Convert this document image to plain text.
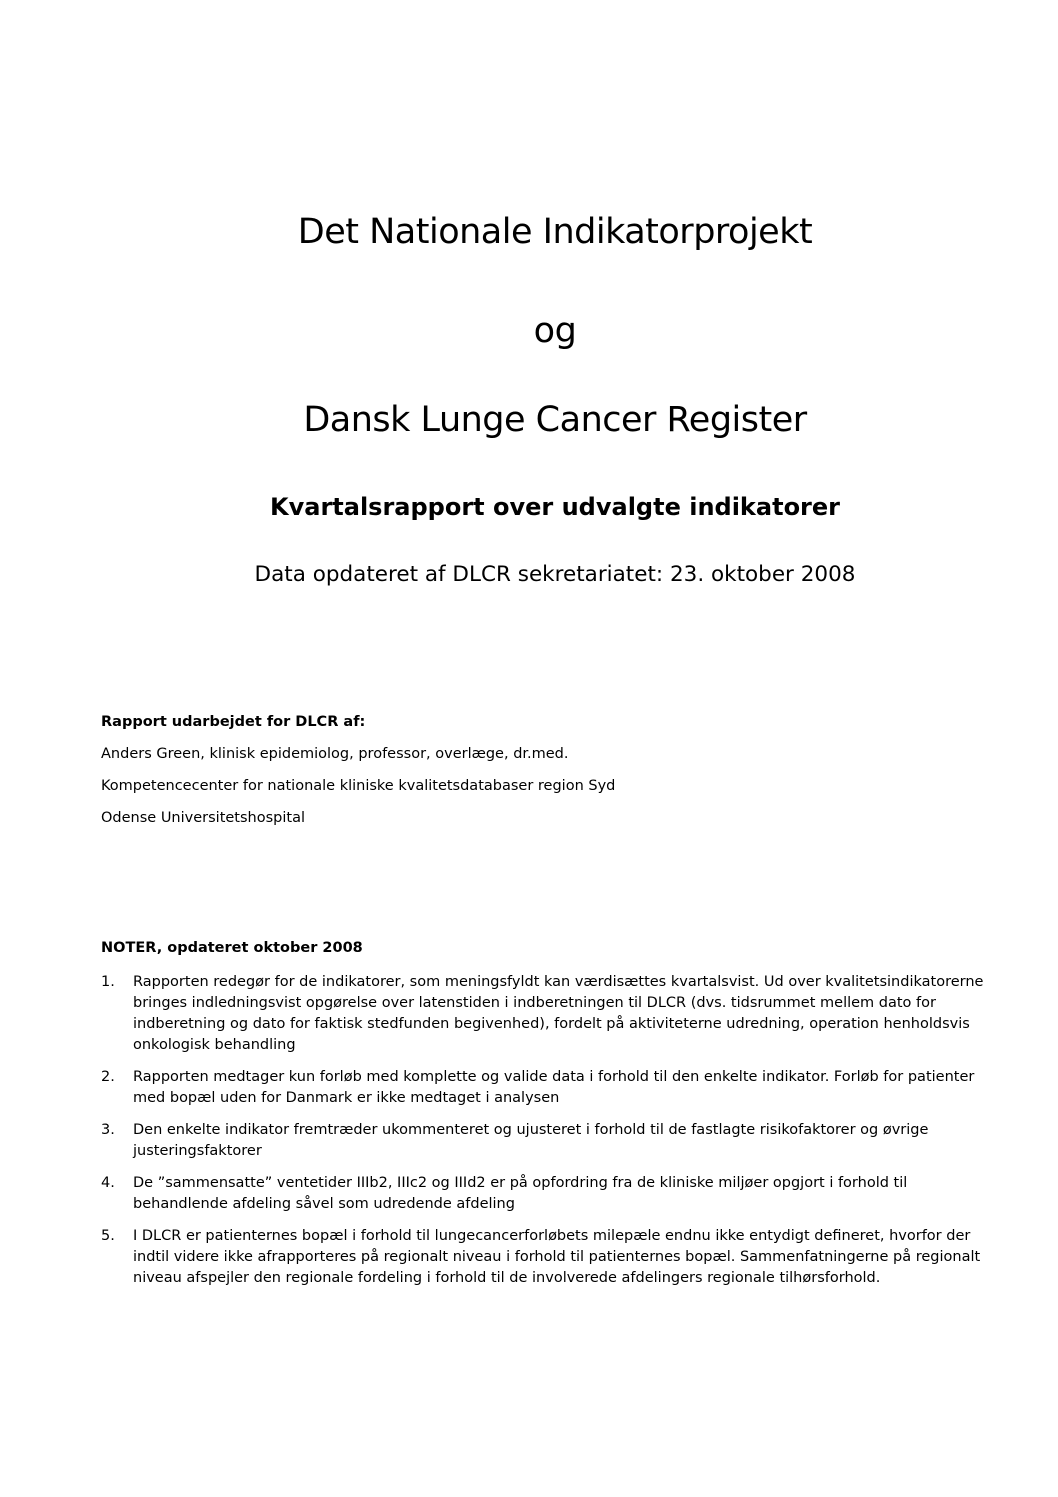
Det Nationale Indikatorprojekt
og
Dansk Lunge Cancer Register
Kvartalsrapport over udvalgte indikatorer
Data opdateret af DLCR sekretariatet: 23. oktober 2008
Rapport udarbejdet for DLCR af:
Anders Green, klinisk epidemiolog, professor, overlæge, dr.med.
Kompetencecenter for nationale kliniske kvalitetsdatabaser region Syd
Odense Universitetshospital
NOTER, opdateret oktober 2008
1. Rapporten redegør for de indikatorer, som meningsfyldt kan værdisættes kvartalsvist. Ud over kvalitetsindikatorerne bringes indledningsvist opgørelse over latenstiden i indberetningen til DLCR (dvs. tidsrummet mellem dato for indberetning og dato for faktisk stedfunden begivenhed), fordelt på aktiviteterne udredning, operation henholdsvis onkologisk behandling
2. Rapporten medtager kun forløb med komplette og valide data i forhold til den enkelte indikator. Forløb for patienter med bopæl uden for Danmark er ikke medtaget i analysen
3. Den enkelte indikator fremtræder ukommenteret og ujusteret i forhold til de fastlagte risikofaktorer og øvrige justeringsfaktorer
4. De ”sammensatte” ventetider IIIb2, IIIc2 og IIId2 er på opfordring fra de kliniske miljøer opgjort i forhold til behandlende afdeling såvel som udredende afdeling
5. I DLCR er patienternes bopæl i forhold til lungecancerforløbets milepæle endnu ikke entydigt defineret, hvorfor der indtil videre ikke afrapporteres på regionalt niveau i forhold til patienternes bopæl. Sammenfatningerne på regionalt niveau afspejler den regionale fordeling i forhold til de involverede afdelingers regionale tilhørsforhold.
